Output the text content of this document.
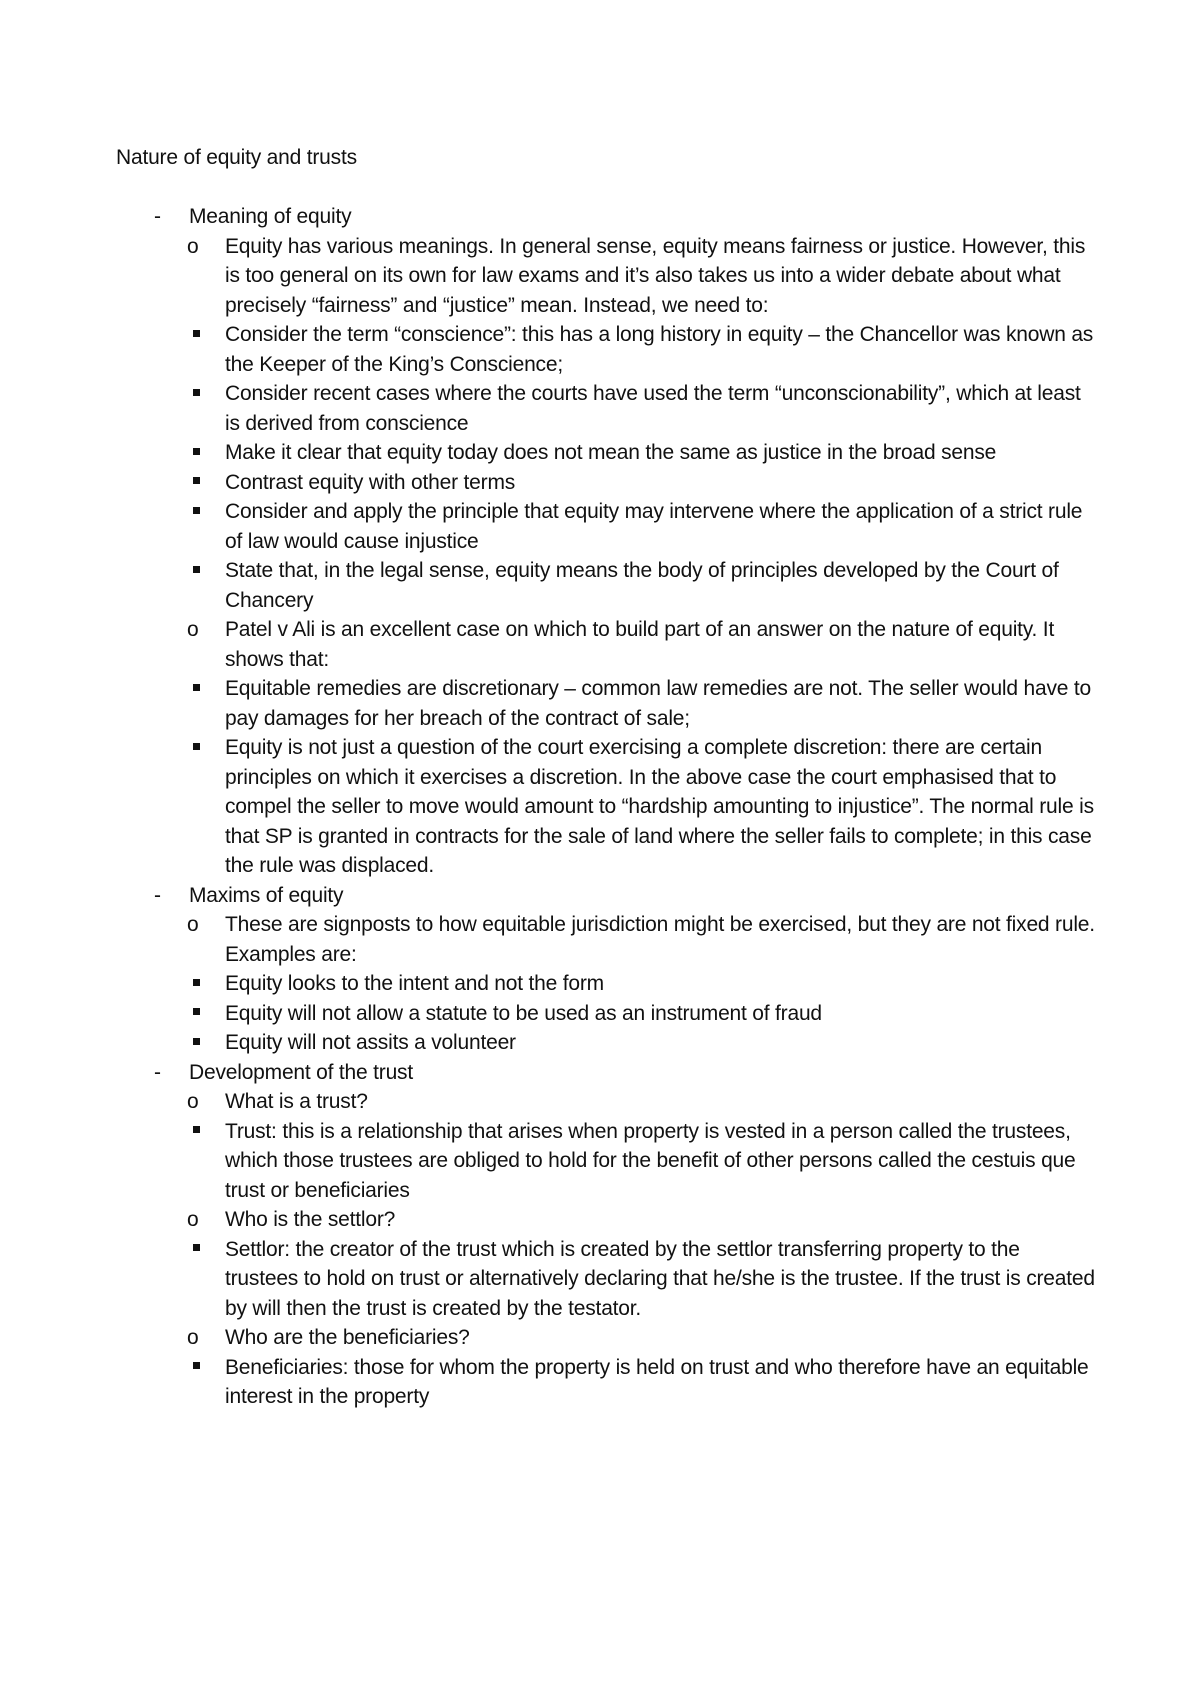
Nature of equity and trusts
- Meaning of equity
o Equity has various meanings. In general sense, equity means fairness or justice. However, this is too general on its own for law exams and it’s also takes us into a wider debate about what precisely “fairness” and “justice” mean. Instead, we need to:
Consider the term “conscience”: this has a long history in equity – the Chancellor was known as the Keeper of the King’s Conscience;
Consider recent cases where the courts have used the term “unconscionability”, which at least is derived from conscience
Make it clear that equity today does not mean the same as justice in the broad sense
Contrast equity with other terms
Consider and apply the principle that equity may intervene where the application of a strict rule of law would cause injustice
State that, in the legal sense, equity means the body of principles developed by the Court of Chancery
o Patel v Ali is an excellent case on which to build part of an answer on the nature of equity. It shows that:
Equitable remedies are discretionary – common law remedies are not. The seller would have to pay damages for her breach of the contract of sale;
Equity is not just a question of the court exercising a complete discretion: there are certain principles on which it exercises a discretion. In the above case the court emphasised that to compel the seller to move would amount to “hardship amounting to injustice”. The normal rule is that SP is granted in contracts for the sale of land where the seller fails to complete; in this case the rule was displaced.
- Maxims of equity
o These are signposts to how equitable jurisdiction might be exercised, but they are not fixed rule. Examples are:
Equity looks to the intent and not the form
Equity will not allow a statute to be used as an instrument of fraud
Equity will not assits a volunteer
- Development of the trust
o What is a trust?
Trust: this is a relationship that arises when property is vested in a person called the trustees, which those trustees are obliged to hold for the benefit of other persons called the cestuis que trust or beneficiaries
o Who is the settlor?
Settlor: the creator of the trust which is created by the settlor transferring property to the trustees to hold on trust or alternatively declaring that he/she is the trustee. If the trust is created by will then the trust is created by the testator.
o Who are the beneficiaries?
Beneficiaries: those for whom the property is held on trust and who therefore have an equitable interest in the property
